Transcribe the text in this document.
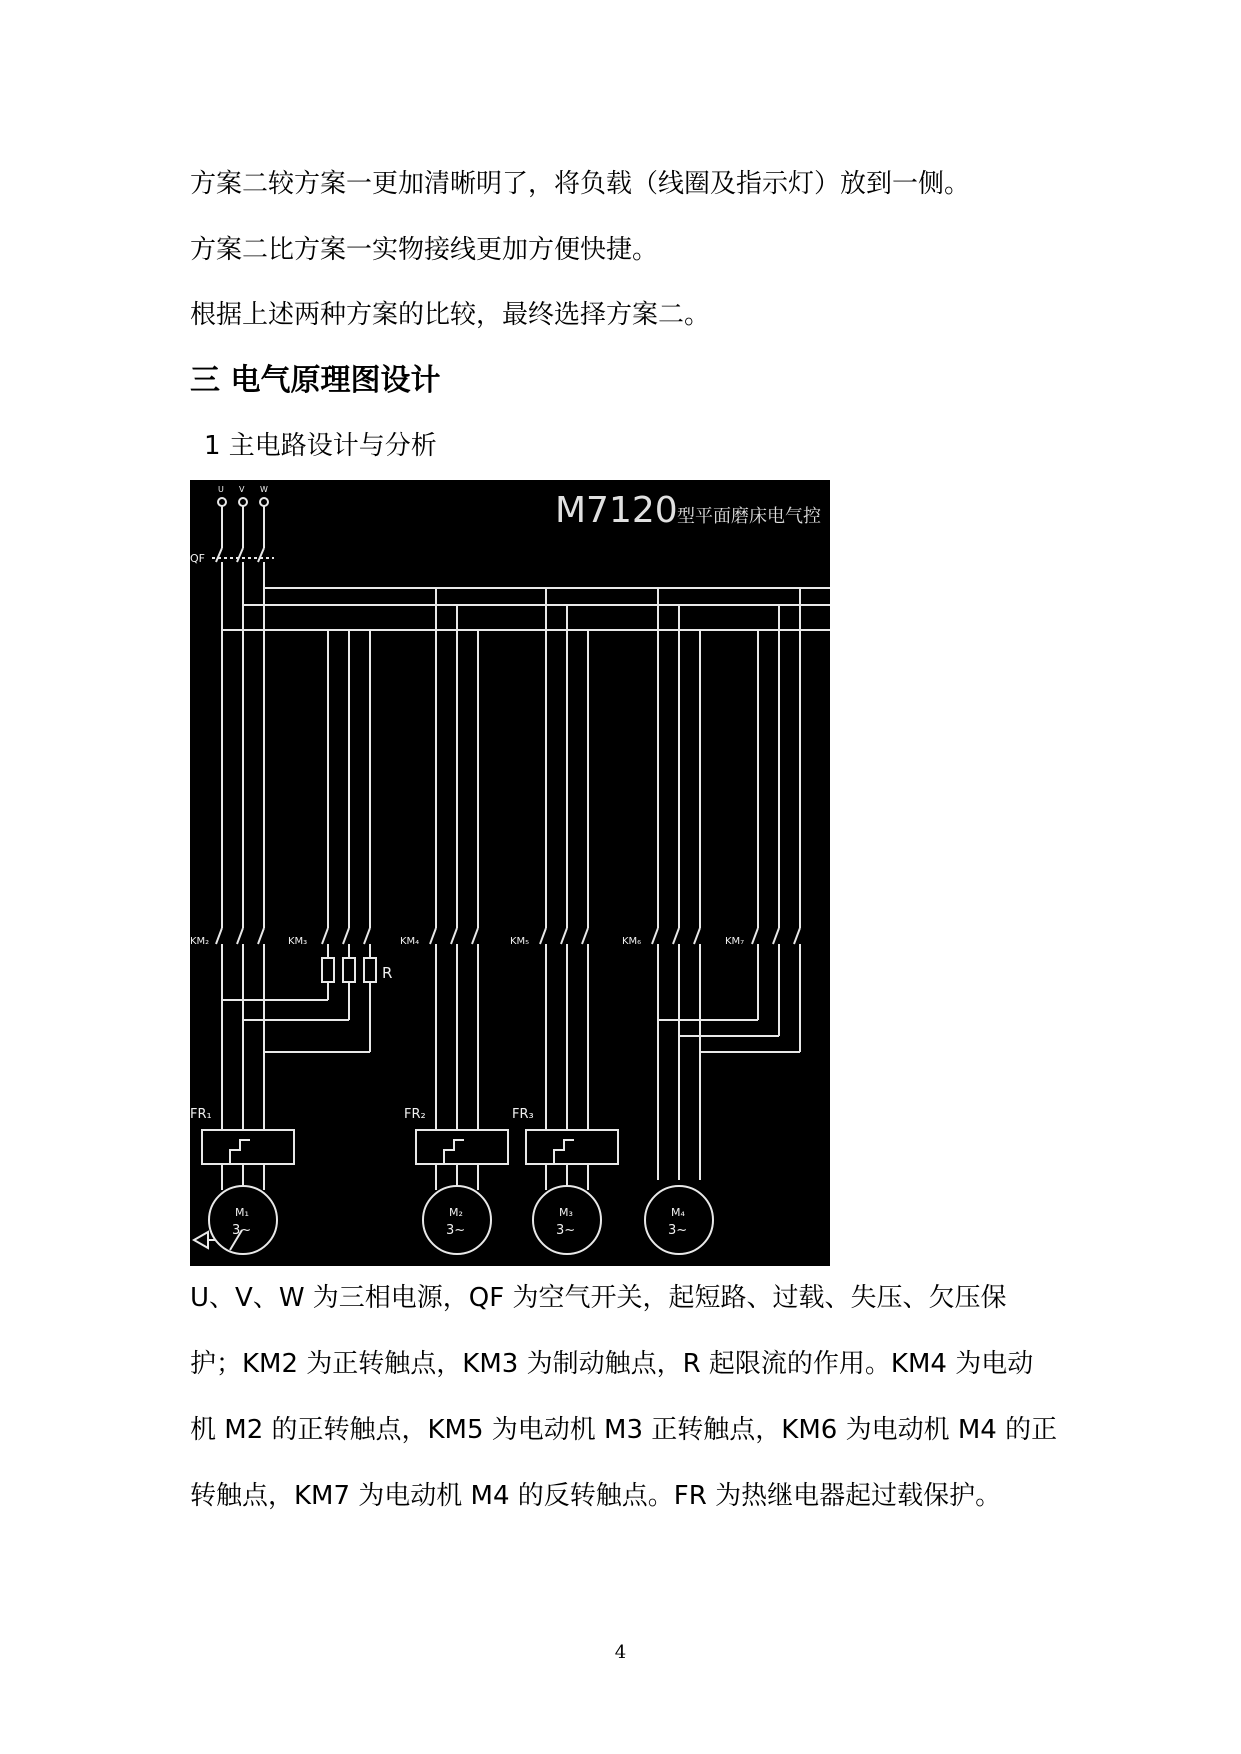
方案二较方案一更加清晰明了，将负载（线圈及指示灯）放到一侧。
方案二比方案一实物接线更加方便快捷。
根据上述两种方案的比较，最终选择方案二。
三 电气原理图设计
1 主电路设计与分析
M7120 型平面磨床电气控
U V W
QF
KM₂	KM₃	KM₄	KM₅	KM₆	KM₇
R
FR₁	FR₂	FR₃
M₁
3~
M₂
3~
M₃
3~
M₄
3~
U、V、W 为三相电源，QF 为空气开关，起短路、过载、失压、欠压保
护；KM2 为正转触点，KM3 为制动触点，R 起限流的作用。KM4 为电动
机 M2 的正转触点，KM5 为电动机 M3 正转触点，KM6 为电动机 M4 的正
转触点，KM7 为电动机 M4 的反转触点。FR 为热继电器起过载保护。
4
